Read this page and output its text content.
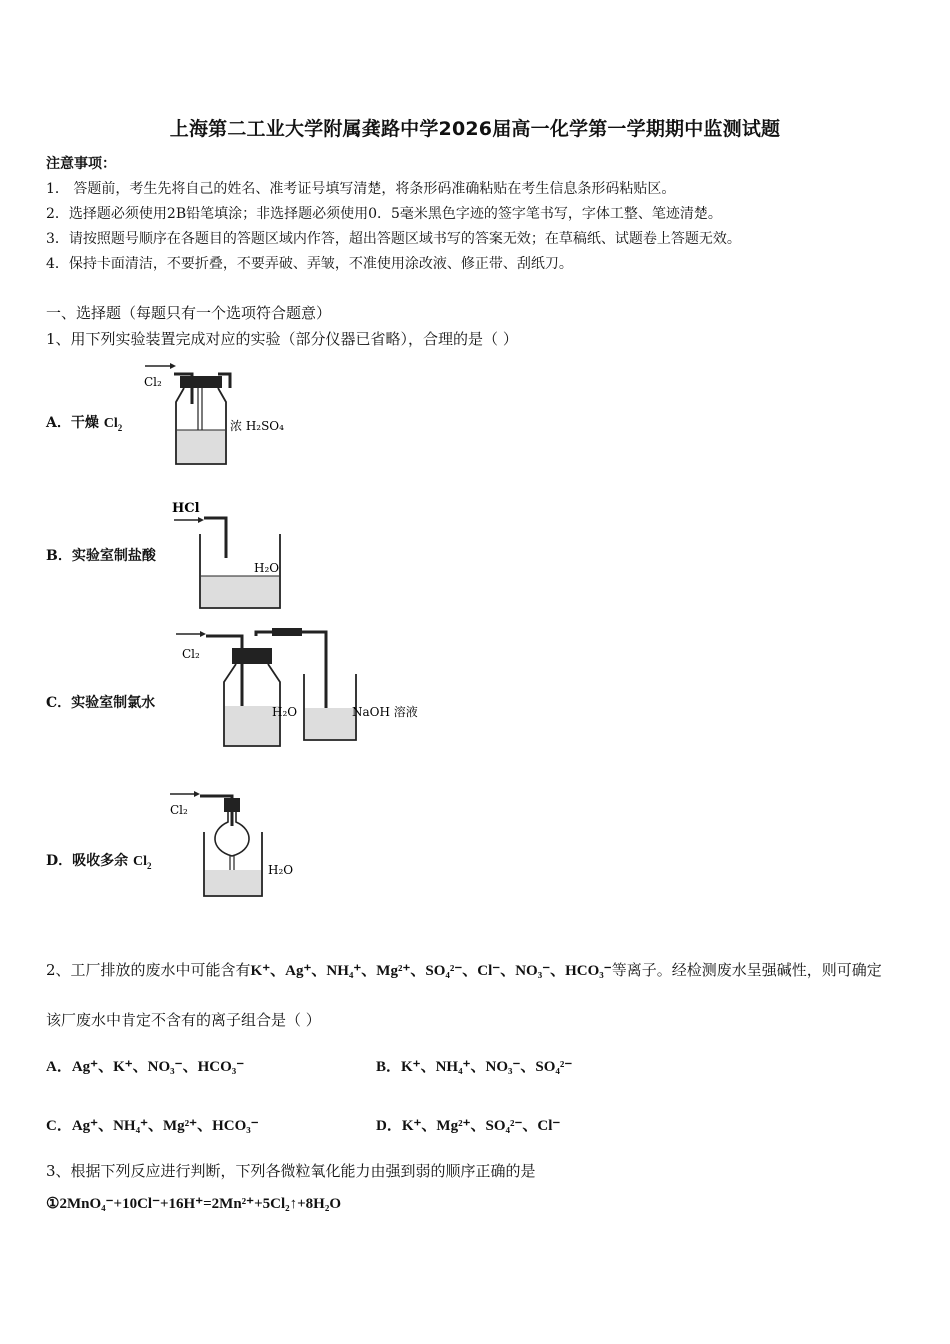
上海第二工业大学附属龚路中学2026届高一化学第一学期期中监测试题
注意事项：
1． 答题前，考生先将自己的姓名、准考证号填写清楚，将条形码准确粘贴在考生信息条形码粘贴区。
2．选择题必须使用2B铅笔填涂；非选择题必须使用0．5毫米黑色字迹的签字笔书写，字体工整、笔迹清楚。
3．请按照题号顺序在各题目的答题区域内作答，超出答题区域书写的答案无效；在草稿纸、试题卷上答题无效。
4．保持卡面清洁，不要折叠，不要弄破、弄皱，不准使用涂改液、修正带、刮纸刀。
一、选择题（每题只有一个选项符合题意）
1、用下列实验装置完成对应的实验（部分仪器已省略），合理的是（ ）
A．干燥 $Cl_2$
Cl₂
浓 H₂SO₄
B．实验室制盐酸
HCl
H₂O
C．实验室制氯水
Cl₂
H₂O	NaOH 溶液
D．吸收多余 $Cl_2$
Cl₂
H₂O
2、工厂排放的废水中可能含有K⁺、Ag⁺、NH₄⁺、Mg²⁺、SO₄²⁻、Cl⁻、NO₃⁻、HCO₃⁻等离子。经检测废水呈强碱性，则可确定
该厂废水中肯定不含有的离子组合是（ ）
A．Ag⁺、K⁺、NO₃⁻、HCO₃⁻	B．K⁺、NH₄⁺、NO₃⁻、SO₄²⁻
C．Ag⁺、NH₄⁺、Mg²⁺、HCO₃⁻	D．K⁺、Mg²⁺、SO₄²⁻、Cl⁻
3、根据下列反应进行判断，下列各微粒氧化能力由强到弱的顺序正确的是
①2MnO₄⁻+10Cl⁻+16H⁺=2Mn²⁺+5Cl₂↑+8H₂O
